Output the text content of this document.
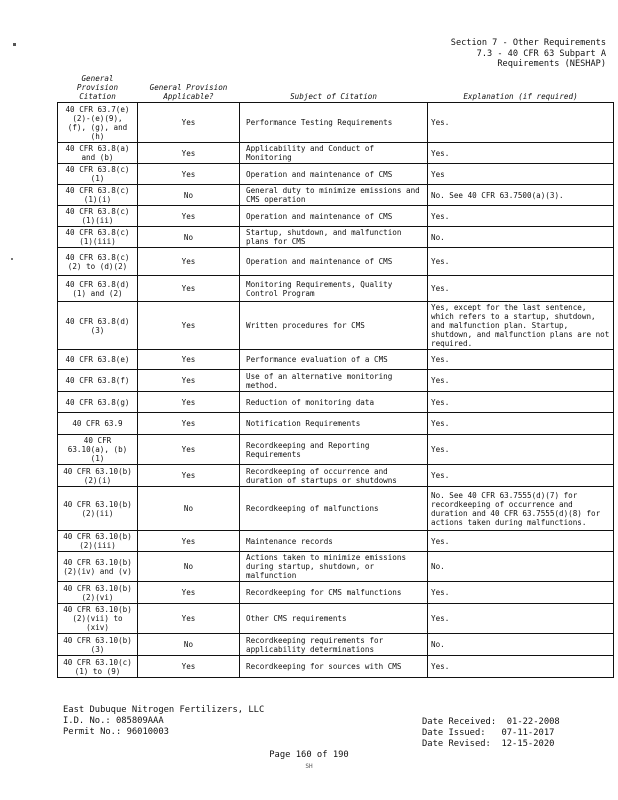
Section 7 - Other Requirements
7.3 - 40 CFR 63 Subpart A
Requirements (NESHAP)
General Provision Citation	General Provision Applicable?	Subject of Citation	Explanation (if required)
40 CFR 63.7(e)(2)-(e)(9), (f), (g), and (h)	Yes	Performance Testing Requirements	Yes.
40 CFR 63.8(a) and (b)	Yes	Applicability and Conduct of Monitoring	Yes.
40 CFR 63.8(c)(1)	Yes	Operation and maintenance of CMS	Yes
40 CFR 63.8(c)(1)(i)	No	General duty to minimize emissions and CMS operation	No. See 40 CFR 63.7500(a)(3).
40 CFR 63.8(c)(1)(ii)	Yes	Operation and maintenance of CMS	Yes.
40 CFR 63.8(c)(1)(iii)	No	Startup, shutdown, and malfunction plans for CMS	No.
40 CFR 63.8(c)(2) to (d)(2)	Yes	Operation and maintenance of CMS	Yes.
40 CFR 63.8(d)(1) and (2)	Yes	Monitoring Requirements, Quality Control Program	Yes.
40 CFR 63.8(d)(3)	Yes	Written procedures for CMS	Yes, except for the last sentence, which refers to a startup, shutdown, and malfunction plan. Startup, shutdown, and malfunction plans are not required.
40 CFR 63.8(e)	Yes	Performance evaluation of a CMS	Yes.
40 CFR 63.8(f)	Yes	Use of an alternative monitoring method.	Yes.
40 CFR 63.8(g)	Yes	Reduction of monitoring data	Yes.
40 CFR 63.9	Yes	Notification Requirements	Yes.
40 CFR 63.10(a), (b)(1)	Yes	Recordkeeping and Reporting Requirements	Yes.
40 CFR 63.10(b)(2)(i)	Yes	Recordkeeping of occurrence and duration of startups or shutdowns	Yes.
40 CFR 63.10(b)(2)(ii)	No	Recordkeeping of malfunctions	No. See 40 CFR 63.7555(d)(7) for recordkeeping of occurrence and duration and 40 CFR 63.7555(d)(8) for actions taken during malfunctions.
40 CFR 63.10(b)(2)(iii)	Yes	Maintenance records	Yes.
40 CFR 63.10(b)(2)(iv) and (v)	No	Actions taken to minimize emissions during startup, shutdown, or malfunction	No.
40 CFR 63.10(b)(2)(vi)	Yes	Recordkeeping for CMS malfunctions	Yes.
40 CFR 63.10(b)(2)(vii) to (xiv)	Yes	Other CMS requirements	Yes.
40 CFR 63.10(b)(3)	No	Recordkeeping requirements for applicability determinations	No.
40 CFR 63.10(c)(1) to (9)	Yes	Recordkeeping for sources with CMS	Yes.
East Dubuque Nitrogen Fertilizers, LLC
I.D. No.: 085809AAA
Permit No.: 96010003
Date Received: 01-22-2008
Date Issued: 07-11-2017
Date Revised: 12-15-2020
Page 160 of 190
SH
